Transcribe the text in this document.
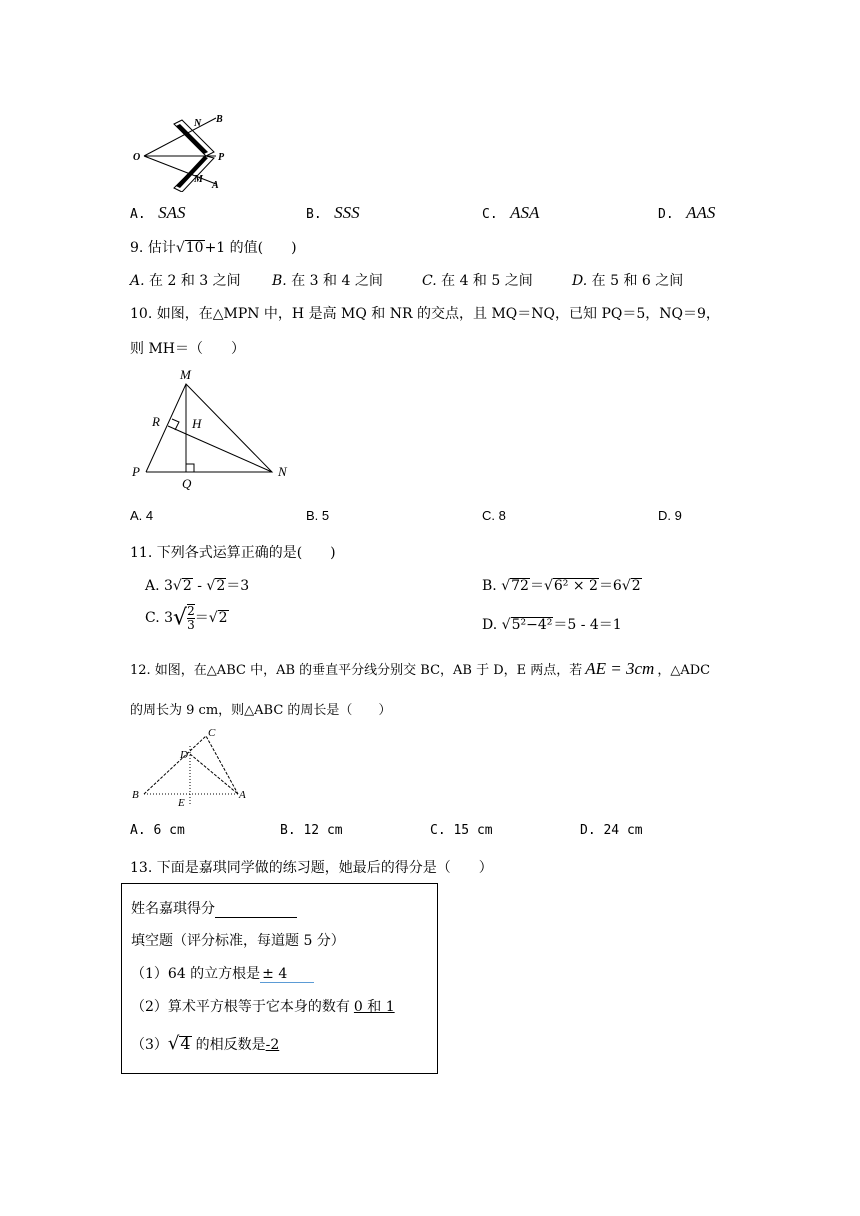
N B
O	P
M
A
A. SAS	B. SSS	C. ASA	D. AAS
9. 估计√10+1 的值(　　)
A. 在 2 和 3 之间 B. 在 3 和 4 之间	C. 在 4 和 5 之间	D. 在 5 和 6 之间
10. 如图，在△MPN 中，H 是高 MQ 和 NR 的交点，且 MQ＝NQ，已知 PQ＝5，NQ＝9，
则 MH＝（　　）
M
R H
P
Q
N
A. 4	B. 5	C. 8	D. 9
11. 下列各式运算正确的是(　　)
A. 3√2 - √2＝3	B. √72＝√6² × 2＝6√2
C. $3√ \frac{2}{3} =√2$	D. √5²−4²＝5 - 4＝1
12. 如图，在△ABC 中，AB 的垂直平分线分别交 BC，AB 于 D，E 两点，若 AE = 3cm ，△ADC
的周长为 9 cm，则△ABC 的周长是（　　）
C
D
B
E
A
A. 6 cm	B. 12 cm	C. 15 cm	D. 24 cm
13. 下面是嘉琪同学做的练习题，她最后的得分是（　　）
姓名嘉琪得分
填空题（评分标准，每道题 5 分）
（1）64 的立方根是 ± 4
（2）算术平方根等于它本身的数有 0 和 1
（3）√4 的相反数是-2
